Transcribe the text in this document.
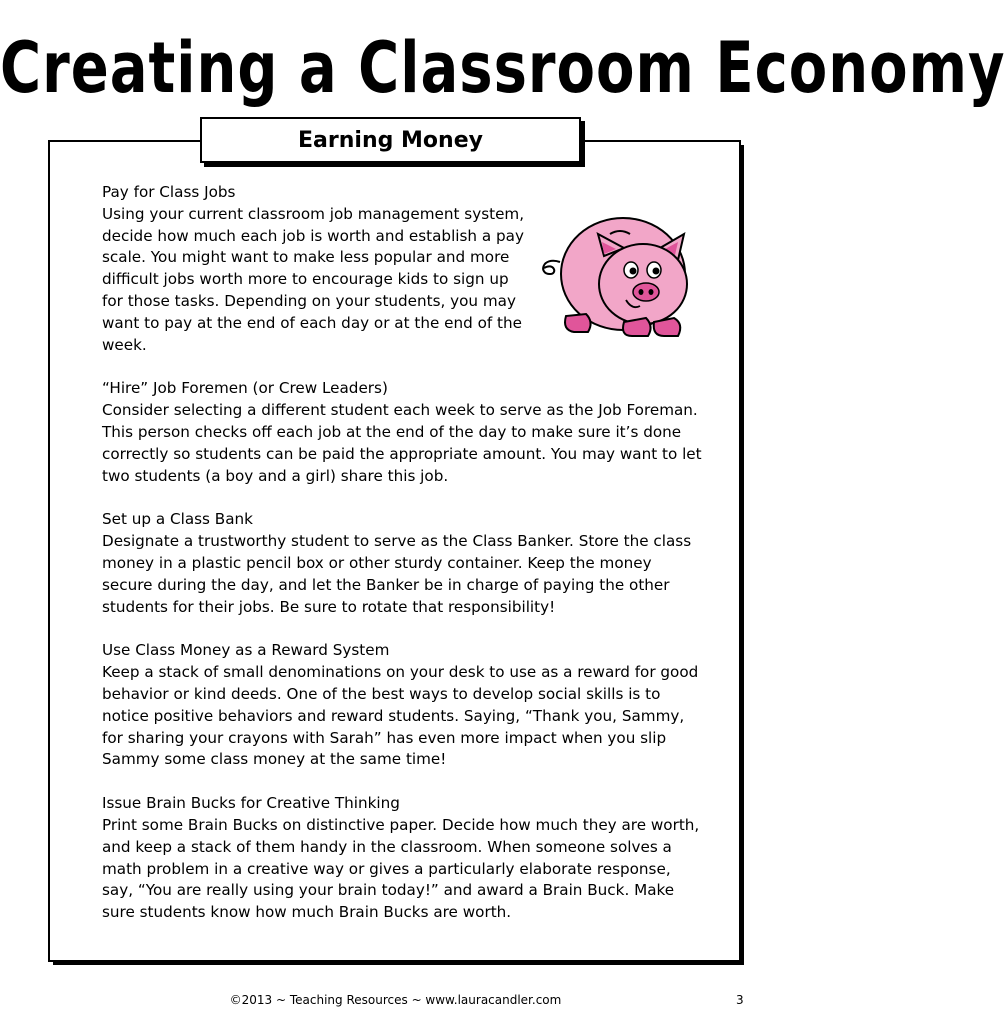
Creating a Classroom Economy
Earning Money
Pay for Class Jobs

Using your current classroom job management system, decide how much each job is worth and establish a pay scale. You might want to make less popular and more difficult jobs worth more to encourage kids to sign up for those tasks. Depending on your students, you may want to pay at the end of each day or at the end of the week.

“Hire” Job Foremen (or Crew Leaders)

Consider selecting a different student each week to serve as the Job Foreman. This person checks off each job at the end of the day to make sure it’s done correctly so students can be paid the appropriate amount. You may want to let two students (a boy and a girl) share this job.

Set up a Class Bank

Designate a trustworthy student to serve as the Class Banker. Store the class money in a plastic pencil box or other sturdy container. Keep the money secure during the day, and let the Banker be in charge of paying the other students for their jobs. Be sure to rotate that responsibility!

Use Class Money as a Reward System

Keep a stack of small denominations on your desk to use as a reward for good behavior or kind deeds. One of the best ways to develop social skills is to notice positive behaviors and reward students. Saying, “Thank you, Sammy, for sharing your crayons with Sarah” has even more impact when you slip Sammy some class money at the same time!

Issue Brain Bucks for Creative Thinking

Print some Brain Bucks on distinctive paper. Decide how much they are worth, and keep a stack of them handy in the classroom. When someone solves a math problem in a creative way or gives a particularly elaborate response, say, “You are really using your brain today!” and award a Brain Buck. Make sure students know how much Brain Bucks are worth.

©2013 ~ Teaching Resources ~ www.lauracandler.com	3
